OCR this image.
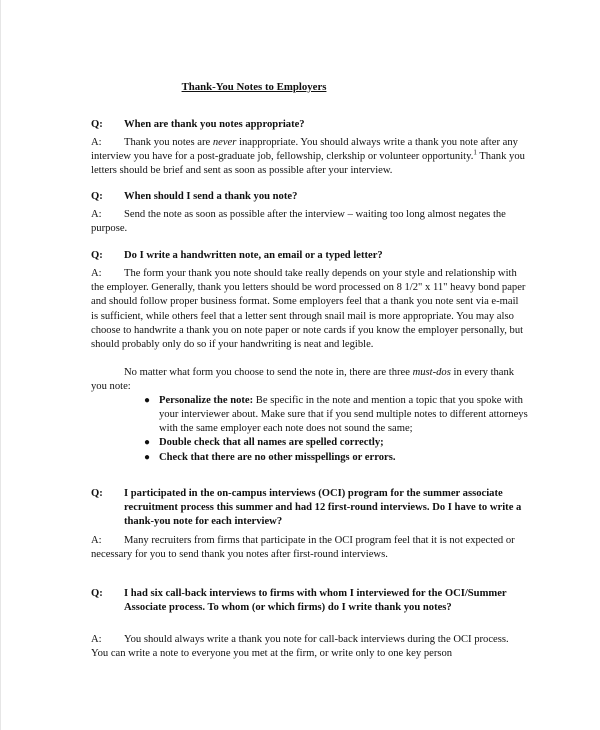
Thank-You Notes to Employers
Q: When are thank you notes appropriate?
A: Thank you notes are never inappropriate. You should always write a thank you note after any interview you have for a post-graduate job, fellowship, clerkship or volunteer opportunity.$^1$ Thank you letters should be brief and sent as soon as possible after your interview.
Q: When should I send a thank you note?
A: Send the note as soon as possible after the interview – waiting too long almost negates the purpose.
Q: Do I write a handwritten note, an email or a typed letter?
A: The form your thank you note should take really depends on your style and relationship with the employer. Generally, thank you letters should be word processed on 8 1/2" x 11" heavy bond paper and should follow proper business format. Some employers feel that a thank you note sent via e-mail is sufficient, while others feel that a letter sent through snail mail is more appropriate. You may also choose to handwrite a thank you on note paper or note cards if you know the employer personally, but should probably only do so if your handwriting is neat and legible.
No matter what form you choose to send the note in, there are three must-dos in every thank you note:
● Personalize the note: Be specific in the note and mention a topic that you spoke with your interviewer about. Make sure that if you send multiple notes to different attorneys with the same employer each note does not sound the same;
● Double check that all names are spelled correctly;
● Check that there are no other misspellings or errors.
Q: I participated in the on-campus interviews (OCI) program for the summer associate recruitment process this summer and had 12 first-round interviews. Do I have to write a thank-you note for each interview?
A: Many recruiters from firms that participate in the OCI program feel that it is not expected or necessary for you to send thank you notes after first-round interviews.
Q: I had six call-back interviews to firms with whom I interviewed for the OCI/Summer Associate process. To whom (or which firms) do I write thank you notes?
A: You should always write a thank you note for call-back interviews during the OCI process. You can write a note to everyone you met at the firm, or write only to one key person
